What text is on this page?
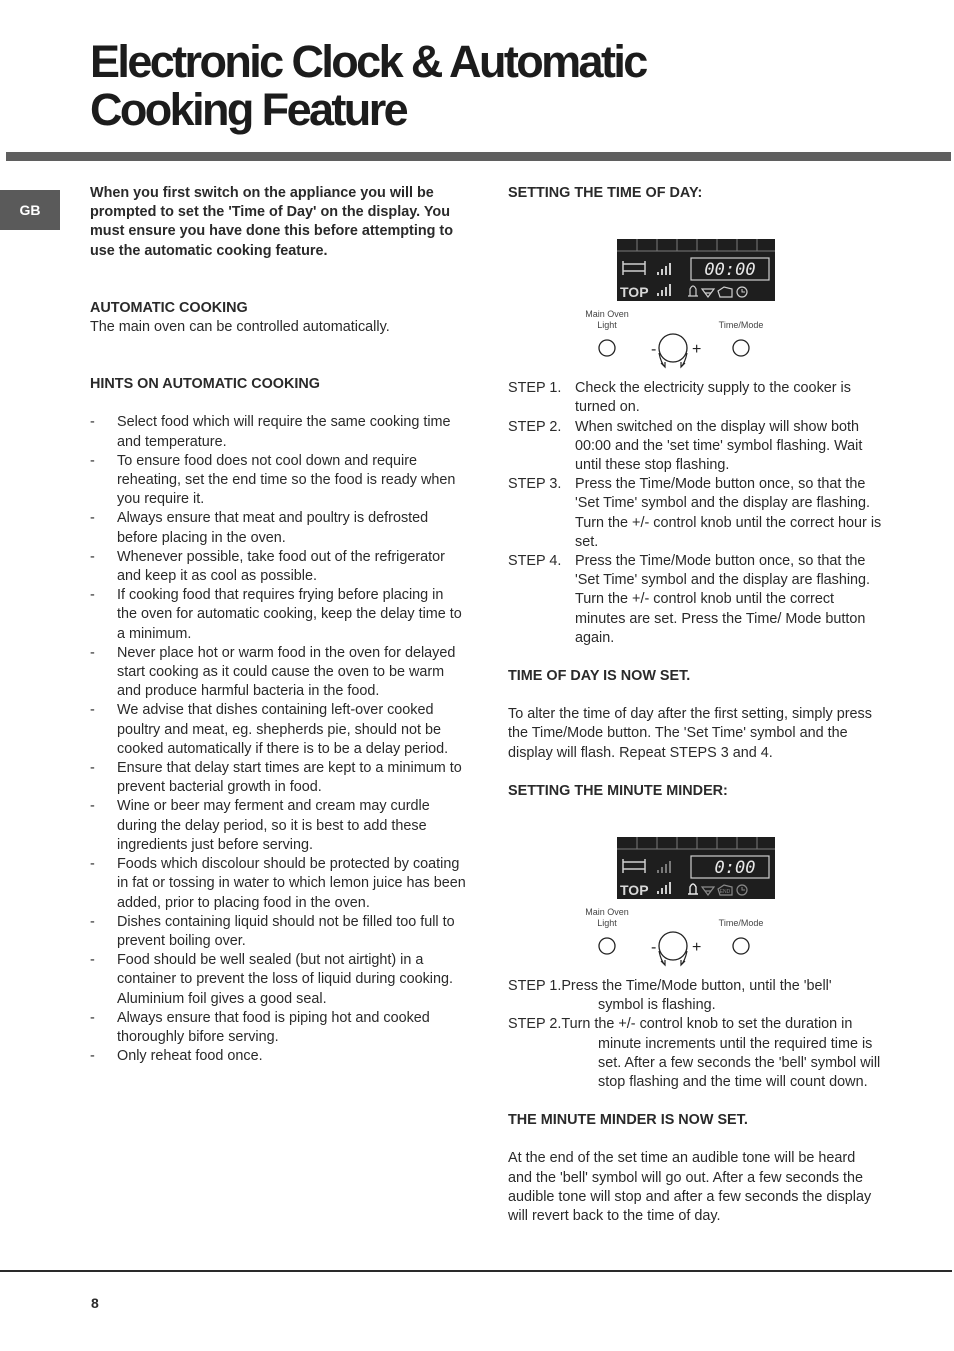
Electronic Clock & Automatic
Cooking Feature
GB

When you first switch on the appliance you will be prompted to set the 'Time of Day' on the display. You must ensure you have done this before attempting to use the automatic cooking feature.

AUTOMATIC COOKING

The main oven can be controlled automatically.

HINTS ON AUTOMATIC COOKING

- Select food which will require the same cooking time and temperature.
- To ensure food does not cool down and require reheating, set the end time so the food is ready when you require it.
- Always ensure that meat and poultry is defrosted before placing in the oven.
- Whenever possible, take food out of the refrigerator and keep it as cool as possible.
- If cooking food that requires frying before placing in the oven for automatic cooking, keep the delay time to a minimum.
- Never place hot or warm food in the oven for delayed start cooking as it could cause the oven to be warm and produce harmful bacteria in the food.
- We advise that dishes containing left-over cooked poultry and meat, eg. shepherds pie, should not be cooked automatically if there is to be a delay period.
- Ensure that delay start times are kept to a minimum to prevent bacterial growth in food.
- Wine or beer may ferment and cream may curdle during the delay period, so it is best to add these ingredients just before serving.
- Foods which discolour should be protected by coating in fat or tossing in water to which lemon juice has been added, prior to placing food in the oven.
- Dishes containing liquid should not be filled too full to prevent boiling over.
- Food should be well sealed (but not airtight) in a container to prevent the loss of liquid during cooking. Aluminium foil gives a good seal.
- Always ensure that food is piping hot and cooked thoroughly bifore serving.
- Only reheat food once.

SETTING THE TIME OF DAY:

00:00
TOP
Main Oven
Light	Time/Mode
- +
STEP 1. Check the electricity supply to the cooker is turned on.
STEP 2. When switched on the display will show both 00:00 and the 'set time' symbol flashing. Wait until these stop flashing.
STEP 3. Press the Time/Mode button once, so that the 'Set Time' symbol and the display are flashing. Turn the +/- control knob until the correct hour is set.
STEP 4. Press the Time/Mode button once, so that the 'Set Time' symbol and the display are flashing. Turn the +/- control knob until the correct minutes are set. Press the Time/ Mode button again.

TIME OF DAY IS NOW SET.

To alter the time of day after the first setting, simply press the Time/Mode button. The 'Set Time' symbol and the display will flash. Repeat STEPS 3 and 4.

SETTING THE MINUTE MINDER:

0:00
TOP	END
Main Oven
Light	Time/Mode
- +
STEP 1.Press the Time/Mode button, until the 'bell'
symbol is flashing.
STEP 2.Turn the +/- control knob to set the duration in
minute increments until the required time is set. After a few seconds the 'bell' symbol will stop flashing and the time will count down.

THE MINUTE MINDER IS NOW SET.

At the end of the set time an audible tone will be heard and the 'bell' symbol will go out. After a few seconds the audible tone will stop and after a few seconds the display will revert back to the time of day.

8
